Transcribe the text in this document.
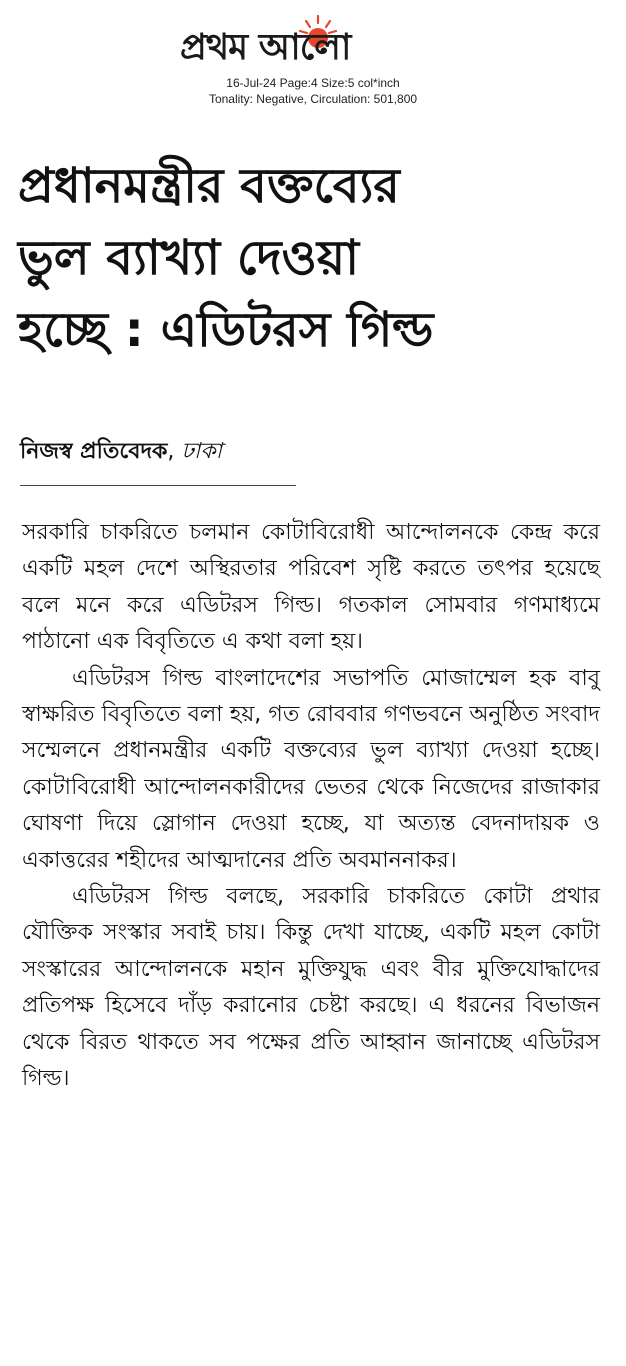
প্রথম আলো
16-Jul-24 Page:4 Size:5 col*inch
Tonality: Negative, Circulation: 501,800
প্রধানমন্ত্রীর বক্তব্যের
ভুল ব্যাখ্যা দেওয়া
হচ্ছে : এডিটরস গিল্ড
নিজস্ব প্রতিবেদক, ঢাকা

সরকারি চাকরিতে চলমান কোটাবিরোধী আন্দোলনকে কেন্দ্র করে একটি মহল দেশে অস্থিরতার পরিবেশ সৃষ্টি করতে তৎপর হয়েছে বলে মনে করে এডিটরস গিল্ড। গতকাল সোমবার গণমাধ্যমে পাঠানো এক বিবৃতিতে এ কথা বলা হয়।

এডিটরস গিল্ড বাংলাদেশের সভাপতি মোজাম্মেল হক বাবু স্বাক্ষরিত বিবৃতিতে বলা হয়, গত রোববার গণভবনে অনুষ্ঠিত সংবাদ সম্মেলনে প্রধানমন্ত্রীর একটি বক্তব্যের ভুল ব্যাখ্যা দেওয়া হচ্ছে। কোটাবিরোধী আন্দোলনকারীদের ভেতর থেকে নিজেদের রাজাকার ঘোষণা দিয়ে স্লোগান দেওয়া হচ্ছে, যা অত্যন্ত বেদনাদায়ক ও একাত্তরের শহীদের আত্মদানের প্রতি অবমাননাকর।

এডিটরস গিল্ড বলছে, সরকারি চাকরিতে কোটা প্রথার যৌক্তিক সংস্কার সবাই চায়। কিন্তু দেখা যাচ্ছে, একটি মহল কোটা সংস্কারের আন্দোলনকে মহান মুক্তিযুদ্ধ এবং বীর মুক্তিযোদ্ধাদের প্রতিপক্ষ হিসেবে দাঁড় করানোর চেষ্টা করছে। এ ধরনের বিভাজন থেকে বিরত থাকতে সব পক্ষের প্রতি আহ্বান জানাচ্ছে এডিটরস গিল্ড।
